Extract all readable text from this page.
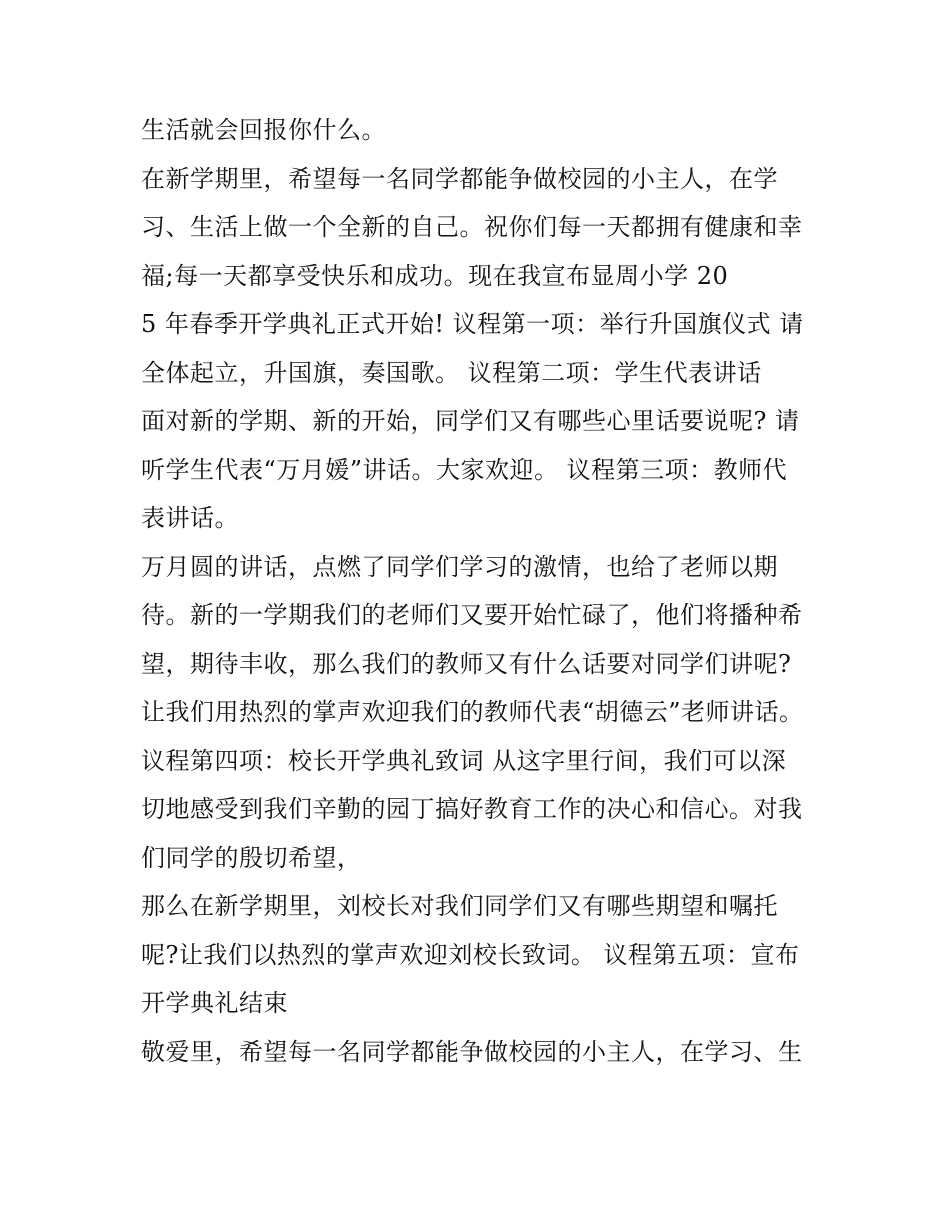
生活就会回报你什么。
在新学期里，希望每一名同学都能争做校园的小主人，在学
习、生活上做一个全新的自己。祝你们每一天都拥有健康和幸
福;每一天都享受快乐和成功。现在我宣布显周小学 20
5 年春季开学典礼正式开始! 议程第一项：举行升国旗仪式 请
全体起立，升国旗，奏国歌。 议程第二项：学生代表讲话
面对新的学期、新的开始，同学们又有哪些心里话要说呢? 请
听学生代表“万月媛”讲话。大家欢迎。 议程第三项：教师代
表讲话。
万月圆的讲话，点燃了同学们学习的激情，也给了老师以期
待。新的一学期我们的老师们又要开始忙碌了，他们将播种希
望，期待丰收，那么我们的教师又有什么话要对同学们讲呢?
让我们用热烈的掌声欢迎我们的教师代表“胡德云”老师讲话。
议程第四项：校长开学典礼致词 从这字里行间，我们可以深
切地感受到我们辛勤的园丁搞好教育工作的决心和信心。对我
们同学的殷切希望，
那么在新学期里，刘校长对我们同学们又有哪些期望和嘱托
呢?让我们以热烈的掌声欢迎刘校长致词。 议程第五项：宣布
开学典礼结束
敬爱里，希望每一名同学都能争做校园的小主人，在学习、生
